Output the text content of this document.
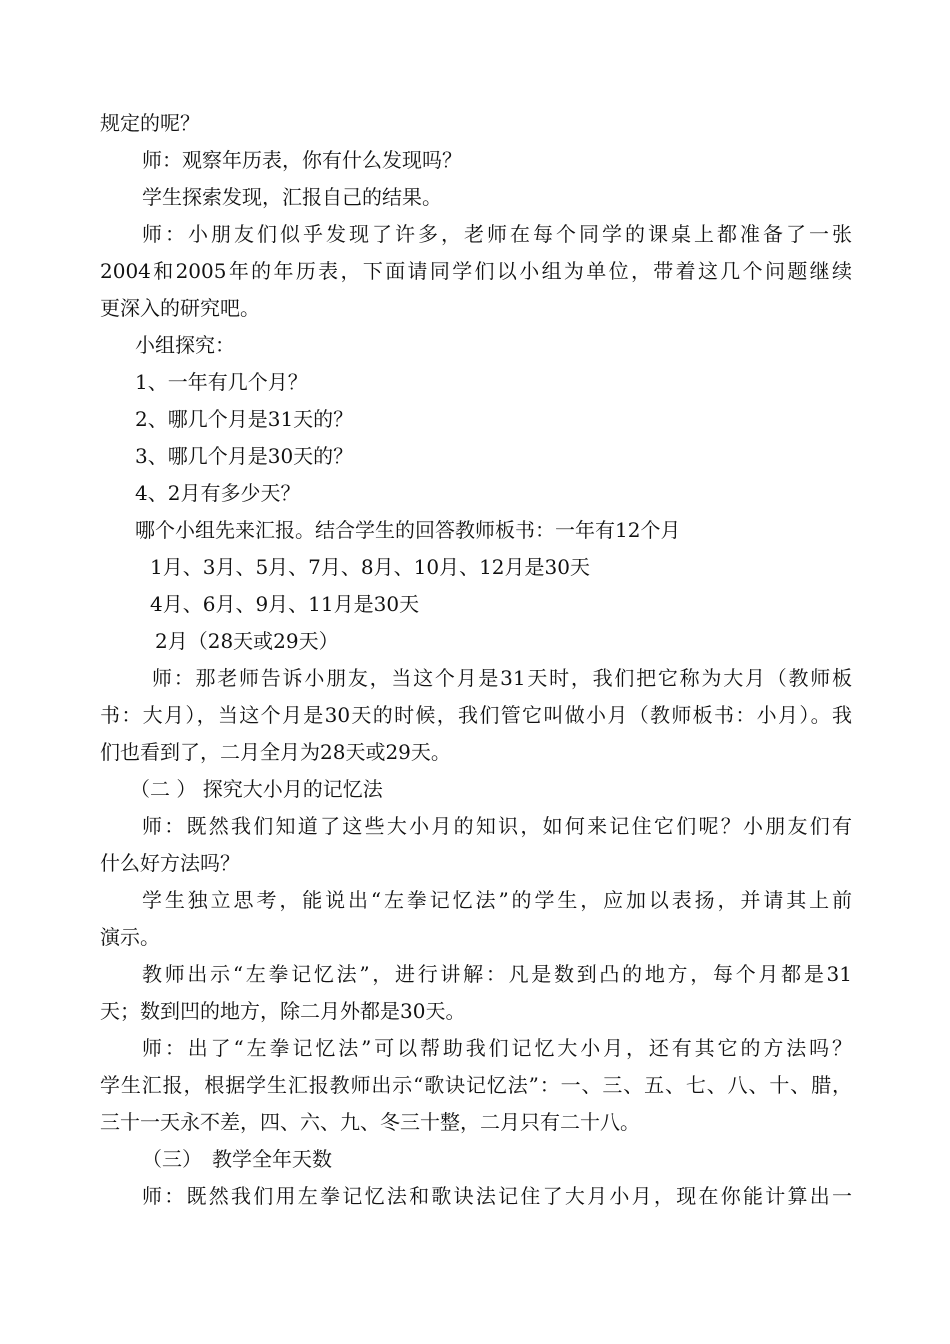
规定的呢？
师：观察年历表，你有什么发现吗？
学生探索发现，汇报自己的结果。
师：小朋友们似乎发现了许多，老师在每个同学的课桌上都准备了一张
2004和2005年的年历表，下面请同学们以小组为单位，带着这几个问题继续
更深入的研究吧。
小组探究：
1、一年有几个月？
2、哪几个月是31天的？
3、哪几个月是30天的？
4、2月有多少天？
哪个小组先来汇报。结合学生的回答教师板书：一年有12个月
1月、3月、5月、7月、8月、10月、12月是30天
4月、6月、9月、11月是30天
2月（28天或29天）
师：那老师告诉小朋友，当这个月是31天时，我们把它称为大月（教师板
书：大月），当这个月是30天的时候，我们管它叫做小月（教师板书：小月）。我
们也看到了，二月全月为28天或29天。
（二 ） 探究大小月的记忆法
师：既然我们知道了这些大小月的知识，如何来记住它们呢？小朋友们有
什么好方法吗？
学生独立思考，能说出“左拳记忆法”的学生，应加以表扬，并请其上前
演示。
教师出示“左拳记忆法”，进行讲解：凡是数到凸的地方，每个月都是31
天；数到凹的地方，除二月外都是30天。
师：出了“左拳记忆法”可以帮助我们记忆大小月，还有其它的方法吗？
学生汇报，根据学生汇报教师出示“歌诀记忆法”：一、三、五、七、八、十、腊，
三十一天永不差，四、六、九、冬三十整，二月只有二十八。
（三）　教学全年天数
师：既然我们用左拳记忆法和歌诀法记住了大月小月，现在你能计算出一
